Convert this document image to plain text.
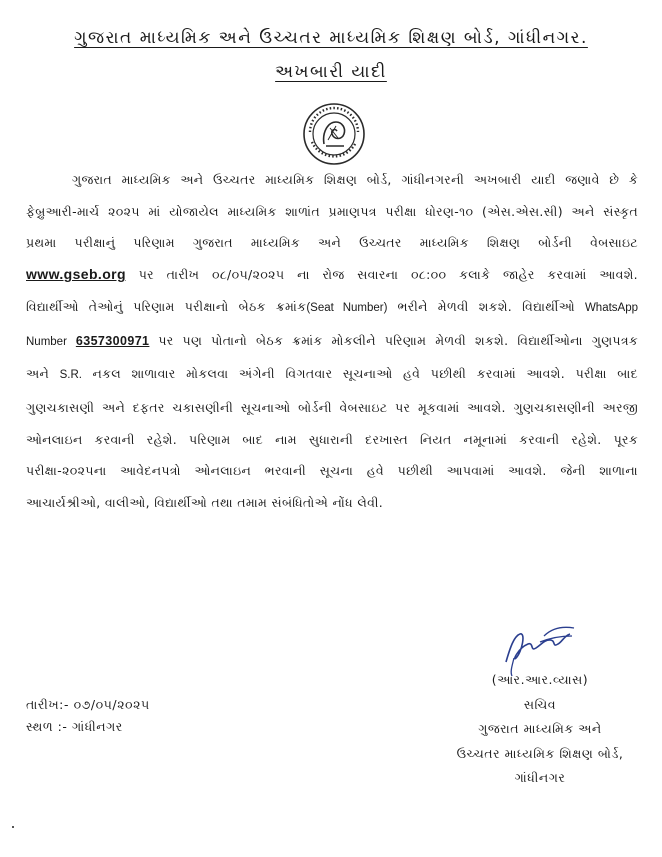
ગુજરાત માધ્યમિક અને ઉચ્ચતર માધ્યમિક શિક્ષણ બોર્ડ, ગાંધીનગર.
અખબારી યાદી
ગુજરાત માધ્યમિક અને ઉચ્ચતર માધ્યમિક શિક્ષણ બોર્ડ, ગાંધીનગરની અખબારી યાદી જણાવે છે કે
ફેબ્રુઆરી-માર્ચ ૨૦૨૫ માં યોજાયેલ માધ્યમિક શાળાંત પ્રમાણપત્ર પરીક્ષા ધોરણ-૧૦ (એસ.એસ.સી) અને સંસ્કૃત
પ્રથમા પરીક્ષાનું પરિણામ ગુજરાત માધ્યમિક અને ઉચ્ચતર માધ્યમિક શિક્ષણ બોર્ડની વેબસાઇટ
www.gseb.org પર તારીખ ૦૮/૦૫/૨૦૨૫ ના રોજ સવારના ૦૮:૦૦ કલાકે જાહેર કરવામાં આવશે.
વિદ્યાર્થીઓ તેઓનું પરિણામ પરીક્ષાનો બેઠક ક્રમાંક(Seat Number) ભરીને મેળવી શકશે. વિદ્યાર્થીઓ WhatsApp
Number 6357300971 પર પણ પોતાનો બેઠક ક્રમાંક મોકલીને પરિણામ મેળવી શકશે. વિદ્યાર્થીઓના ગુણપત્રક
અને S.R. નકલ શાળાવાર મોકલવા અંગેની વિગતવાર સૂચનાઓ હવે પછીથી કરવામાં આવશે. પરીક્ષા બાદ
ગુણચકાસણી અને દફતર ચકાસણીની સૂચનાઓ બોર્ડની વેબસાઇટ પર મૂકવામાં આવશે. ગુણચકાસણીની અરજી
ઓનલાઇન કરવાની રહેશે. પરિણામ બાદ નામ સુધારાની દરખાસ્ત નિયત નમૂનામાં કરવાની રહેશે. પૂરક
પરીક્ષા-૨૦૨૫ના આવેદનપત્રો ઓનલાઇન ભરવાની સૂચના હવે પછીથી આપવામાં આવશે. જેની શાળાના
આચાર્યશ્રીઓ, વાલીઓ, વિદ્યાર્થીઓ તથા તમામ સંબંધિતોએ નોંધ લેવી.
(આર.આર.વ્યાસ)
સચિવ
ગુજરાત માધ્યમિક અને
ઉચ્ચતર માધ્યમિક શિક્ષણ બોર્ડ,
ગાંધીનગર
તારીખ:- ૦૭/૦૫/૨૦૨૫
સ્થળ :- ગાંધીનગર
